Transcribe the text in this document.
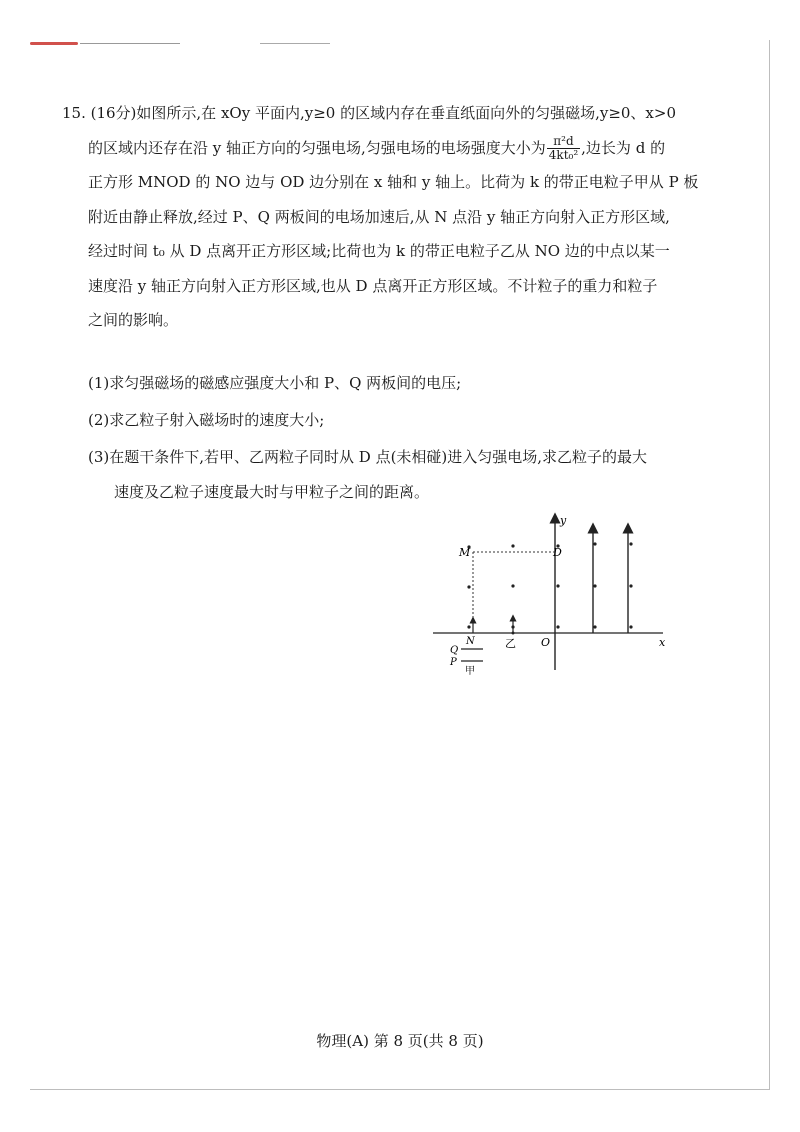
15. (16分)如图所示,在 xOy 平面内,y≥0 的区域内存在垂直纸面向外的匀强磁场,y≥0、x>0
的区域内还存在沿 y 轴正方向的匀强电场,匀强电场的电场强度大小为 $\frac{\text{π²d}}{\text{4kt₀²}}$ ,边长为 d 的
正方形 MNOD 的 NO 边与 OD 边分别在 x 轴和 y 轴上。比荷为 k 的带正电粒子甲从 P 板
附近由静止释放,经过 P、Q 两板间的电场加速后,从 N 点沿 y 轴正方向射入正方形区域,
经过时间 t₀ 从 D 点离开正方形区域;比荷也为 k 的带正电粒子乙从 NO 边的中点以某一
速度沿 y 轴正方向射入正方形区域,也从 D 点离开正方形区域。不计粒子的重力和粒子
之间的影响。
(1)求匀强磁场的磁感应强度大小和 P、Q 两板间的电压;
(2)求乙粒子射入磁场时的速度大小;
(3)在题干条件下,若甲、乙两粒子同时从 D 点(未相碰)进入匀强电场,求乙粒子的最大
速度及乙粒子速度最大时与甲粒子之间的距离。
x
y
M	D
O
乙
N
Q
P
甲
物理(A) 第 8 页(共 8 页)
